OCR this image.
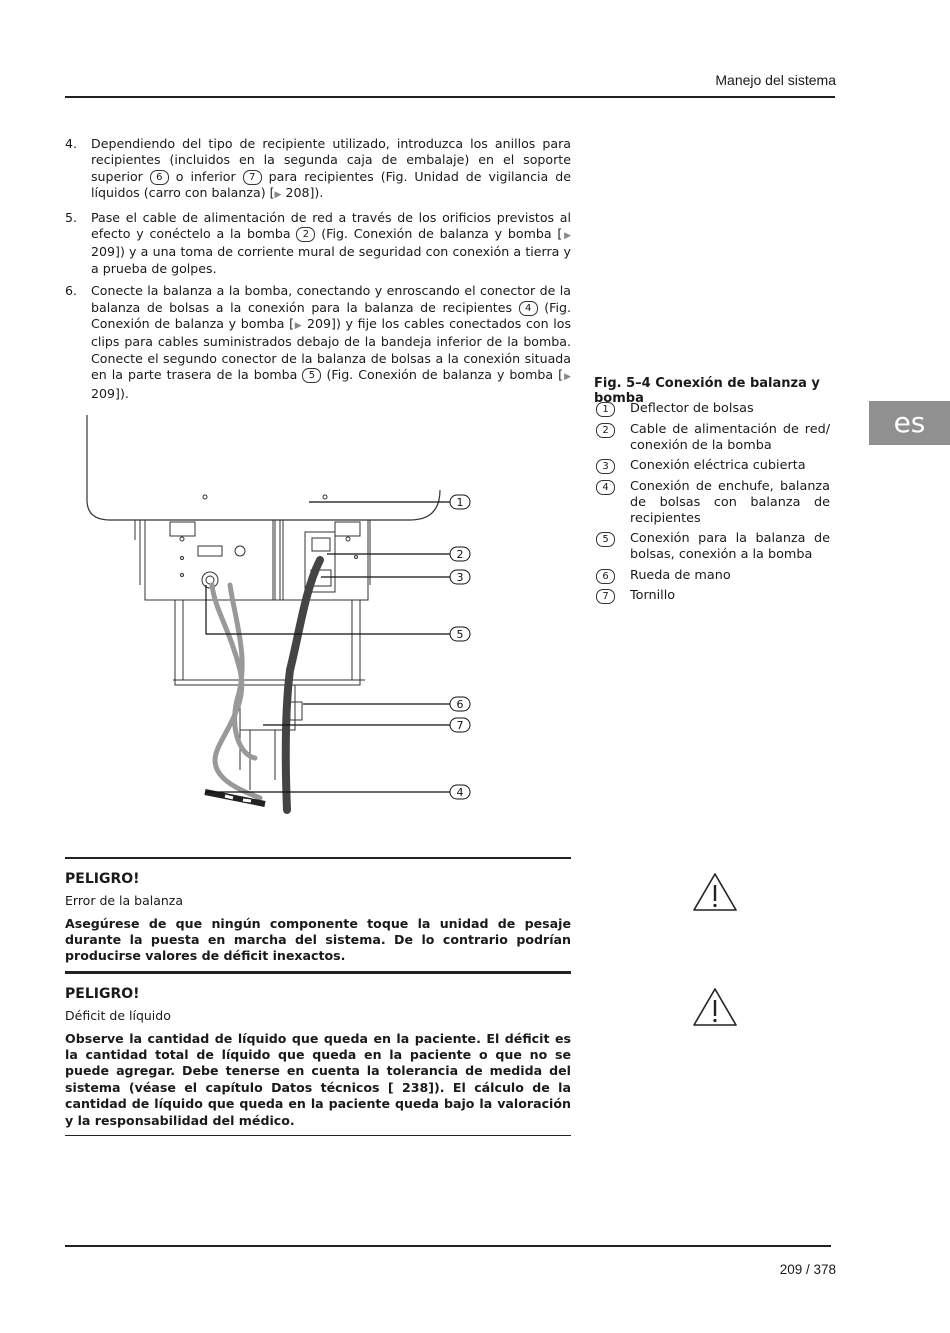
Manejo del sistema
4. Dependiendo del tipo de recipiente utilizado, introduzca los anillos para recipientes (incluidos en la segunda caja de embalaje) en el soporte superior 6 o inferior 7 para recipientes (Fig. Unidad de vigilancia de líquidos (carro con balanza) [▶ 208]).
5. Pase el cable de alimentación de red a través de los orificios previstos al efecto y conéctelo a la bomba 2 (Fig. Conexión de balanza y bomba [▶ 209]) y a una toma de corriente mural de seguridad con conexión a tierra y a prueba de golpes.
6. Conecte la balanza a la bomba, conectando y enroscando el conector de la balanza de bolsas a la conexión para la balanza de recipientes 4 (Fig. Conexión de balanza y bomba [▶ 209]) y fije los cables conectados con los clips para cables suministrados debajo de la bandeja inferior de la bomba. Conecte el segundo conector de la balanza de bolsas a la conexión situada en la parte trasera de la bomba 5 (Fig. Conexión de balanza y bomba [▶ 209]).
1
2
3
5
6
7
4
Fig. 5–4 Conexión de balanza y bomba
1	Deflector de bolsas
2	Cable de alimentación de red/ conexión de la bomba
3	Conexión eléctrica cubierta
4	Conexión de enchufe, balanza de bolsas con balanza de recipientes
5	Conexión para la balanza de bolsas, conexión a la bomba
6	Rueda de mano
7	Tornillo
es
PELIGRO!
Error de la balanza
Asegúrese de que ningún componente toque la unidad de pesaje durante la puesta en marcha del sistema. De lo contrario podrían producirse valores de déficit inexactos.
PELIGRO!
Déficit de líquido
Observe la cantidad de líquido que queda en la paciente. El déficit es la cantidad total de líquido que queda en la paciente o que no se puede agregar. Debe tenerse en cuenta la tolerancia de medida del sistema (véase el capítulo Datos técnicos [ 238]). El cálculo de la cantidad de líquido que queda en la paciente queda bajo la valoración y la responsabilidad del médico.
209 / 378
